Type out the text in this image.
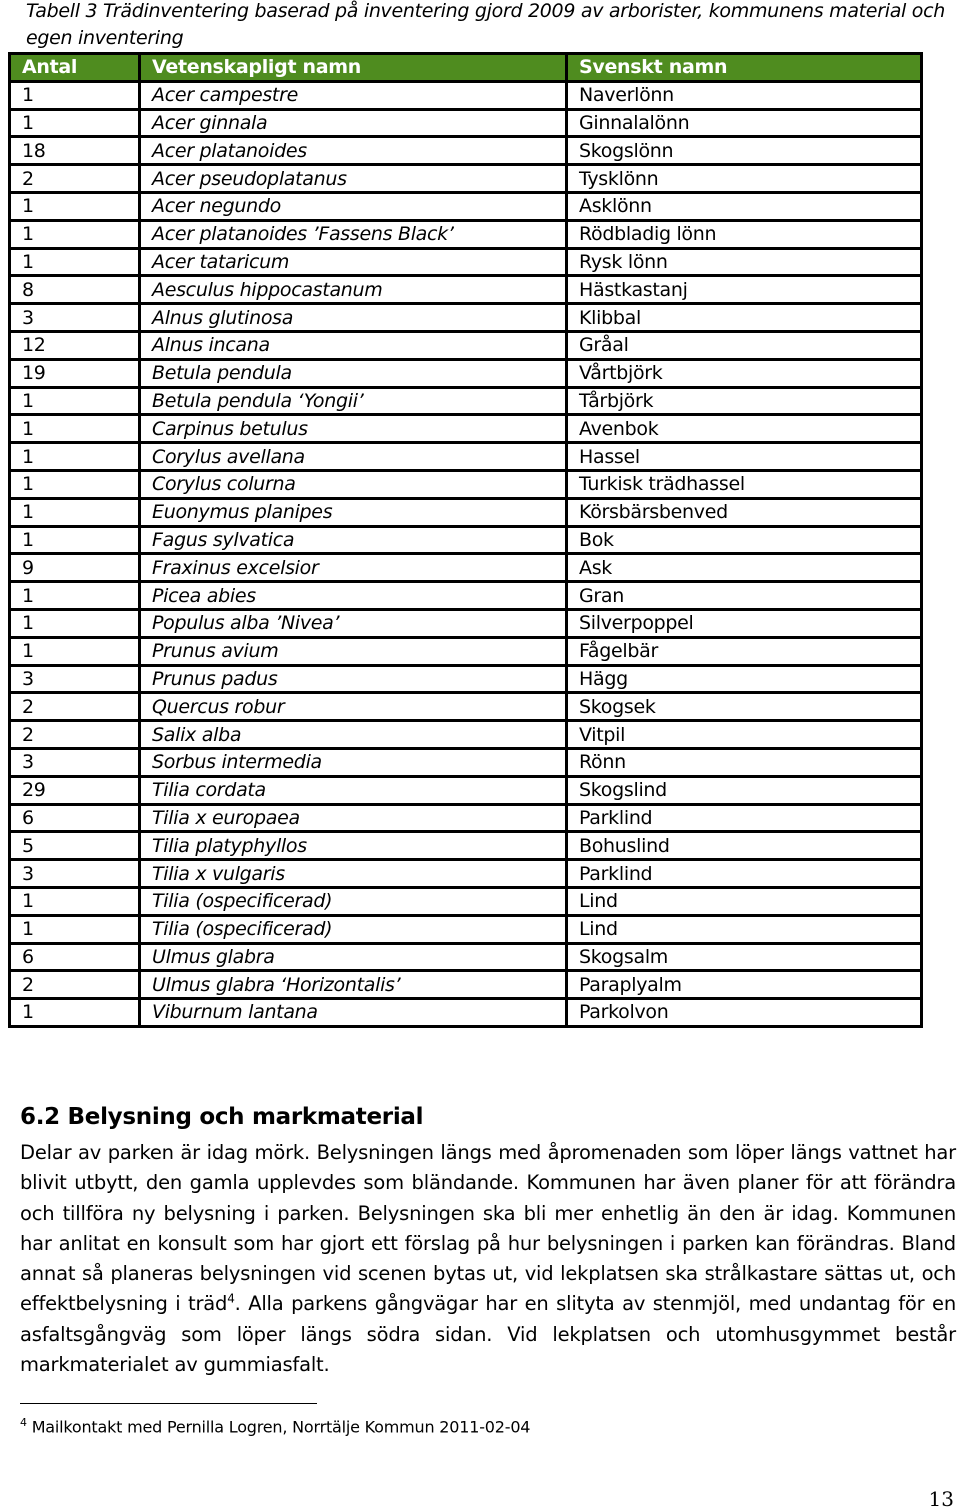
Tabell 3 Trädinventering baserad på inventering gjord 2009 av arborister, kommunens material och egen inventering
Antal	Vetenskapligt namn	Svenskt namn
1	Acer campestre	Naverlönn
1	Acer ginnala	Ginnalalönn
18	Acer platanoides	Skogslönn
2	Acer pseudoplatanus	Tysklönn
1	Acer negundo	Asklönn
1	Acer platanoides ’Fassens Black’	Rödbladig lönn
1	Acer tataricum	Rysk lönn
8	Aesculus hippocastanum	Hästkastanj
3	Alnus glutinosa	Klibbal
12	Alnus incana	Gråal
19	Betula pendula	Vårtbjörk
1	Betula pendula ‘Yongii’	Tårbjörk
1	Carpinus betulus	Avenbok
1	Corylus avellana	Hassel
1	Corylus colurna	Turkisk trädhassel
1	Euonymus planipes	Körsbärsbenved
1	Fagus sylvatica	Bok
9	Fraxinus excelsior	Ask
1	Picea abies	Gran
1	Populus alba ’Nivea’	Silverpoppel
1	Prunus avium	Fågelbär
3	Prunus padus	Hägg
2	Quercus robur	Skogsek
2	Salix alba	Vitpil
3	Sorbus intermedia	Rönn
29	Tilia cordata	Skogslind
6	Tilia x europaea	Parklind
5	Tilia platyphyllos	Bohuslind
3	Tilia x vulgaris	Parklind
1	Tilia (ospecificerad)	Lind
1	Tilia (ospecificerad)	Lind
6	Ulmus glabra	Skogsalm
2	Ulmus glabra ‘Horizontalis’	Paraplyalm
1	Viburnum lantana	Parkolvon
6.2 Belysning och markmaterial
Delar av parken är idag mörk. Belysningen längs med åpromenaden som löper längs vattnet har blivit utbytt, den gamla upplevdes som bländande. Kommunen har även planer för att förändra och tillföra ny belysning i parken. Belysningen ska bli mer enhetlig än den är idag. Kommunen har anlitat en konsult som har gjort ett förslag på hur belysningen i parken kan förändras. Bland annat så planeras belysningen vid scenen bytas ut, vid lekplatsen ska strålkastare sättas ut, och effektbelysning i träd$^4$. Alla parkens gångvägar har en slityta av stenmjöl, med undantag för en asfaltsgångväg som löper längs södra sidan. Vid lekplatsen och utomhusgymmet består markmaterialet av gummiasfalt.
$^4$ Mailkontakt med Pernilla Logren, Norrtälje Kommun 2011-02-04
13
